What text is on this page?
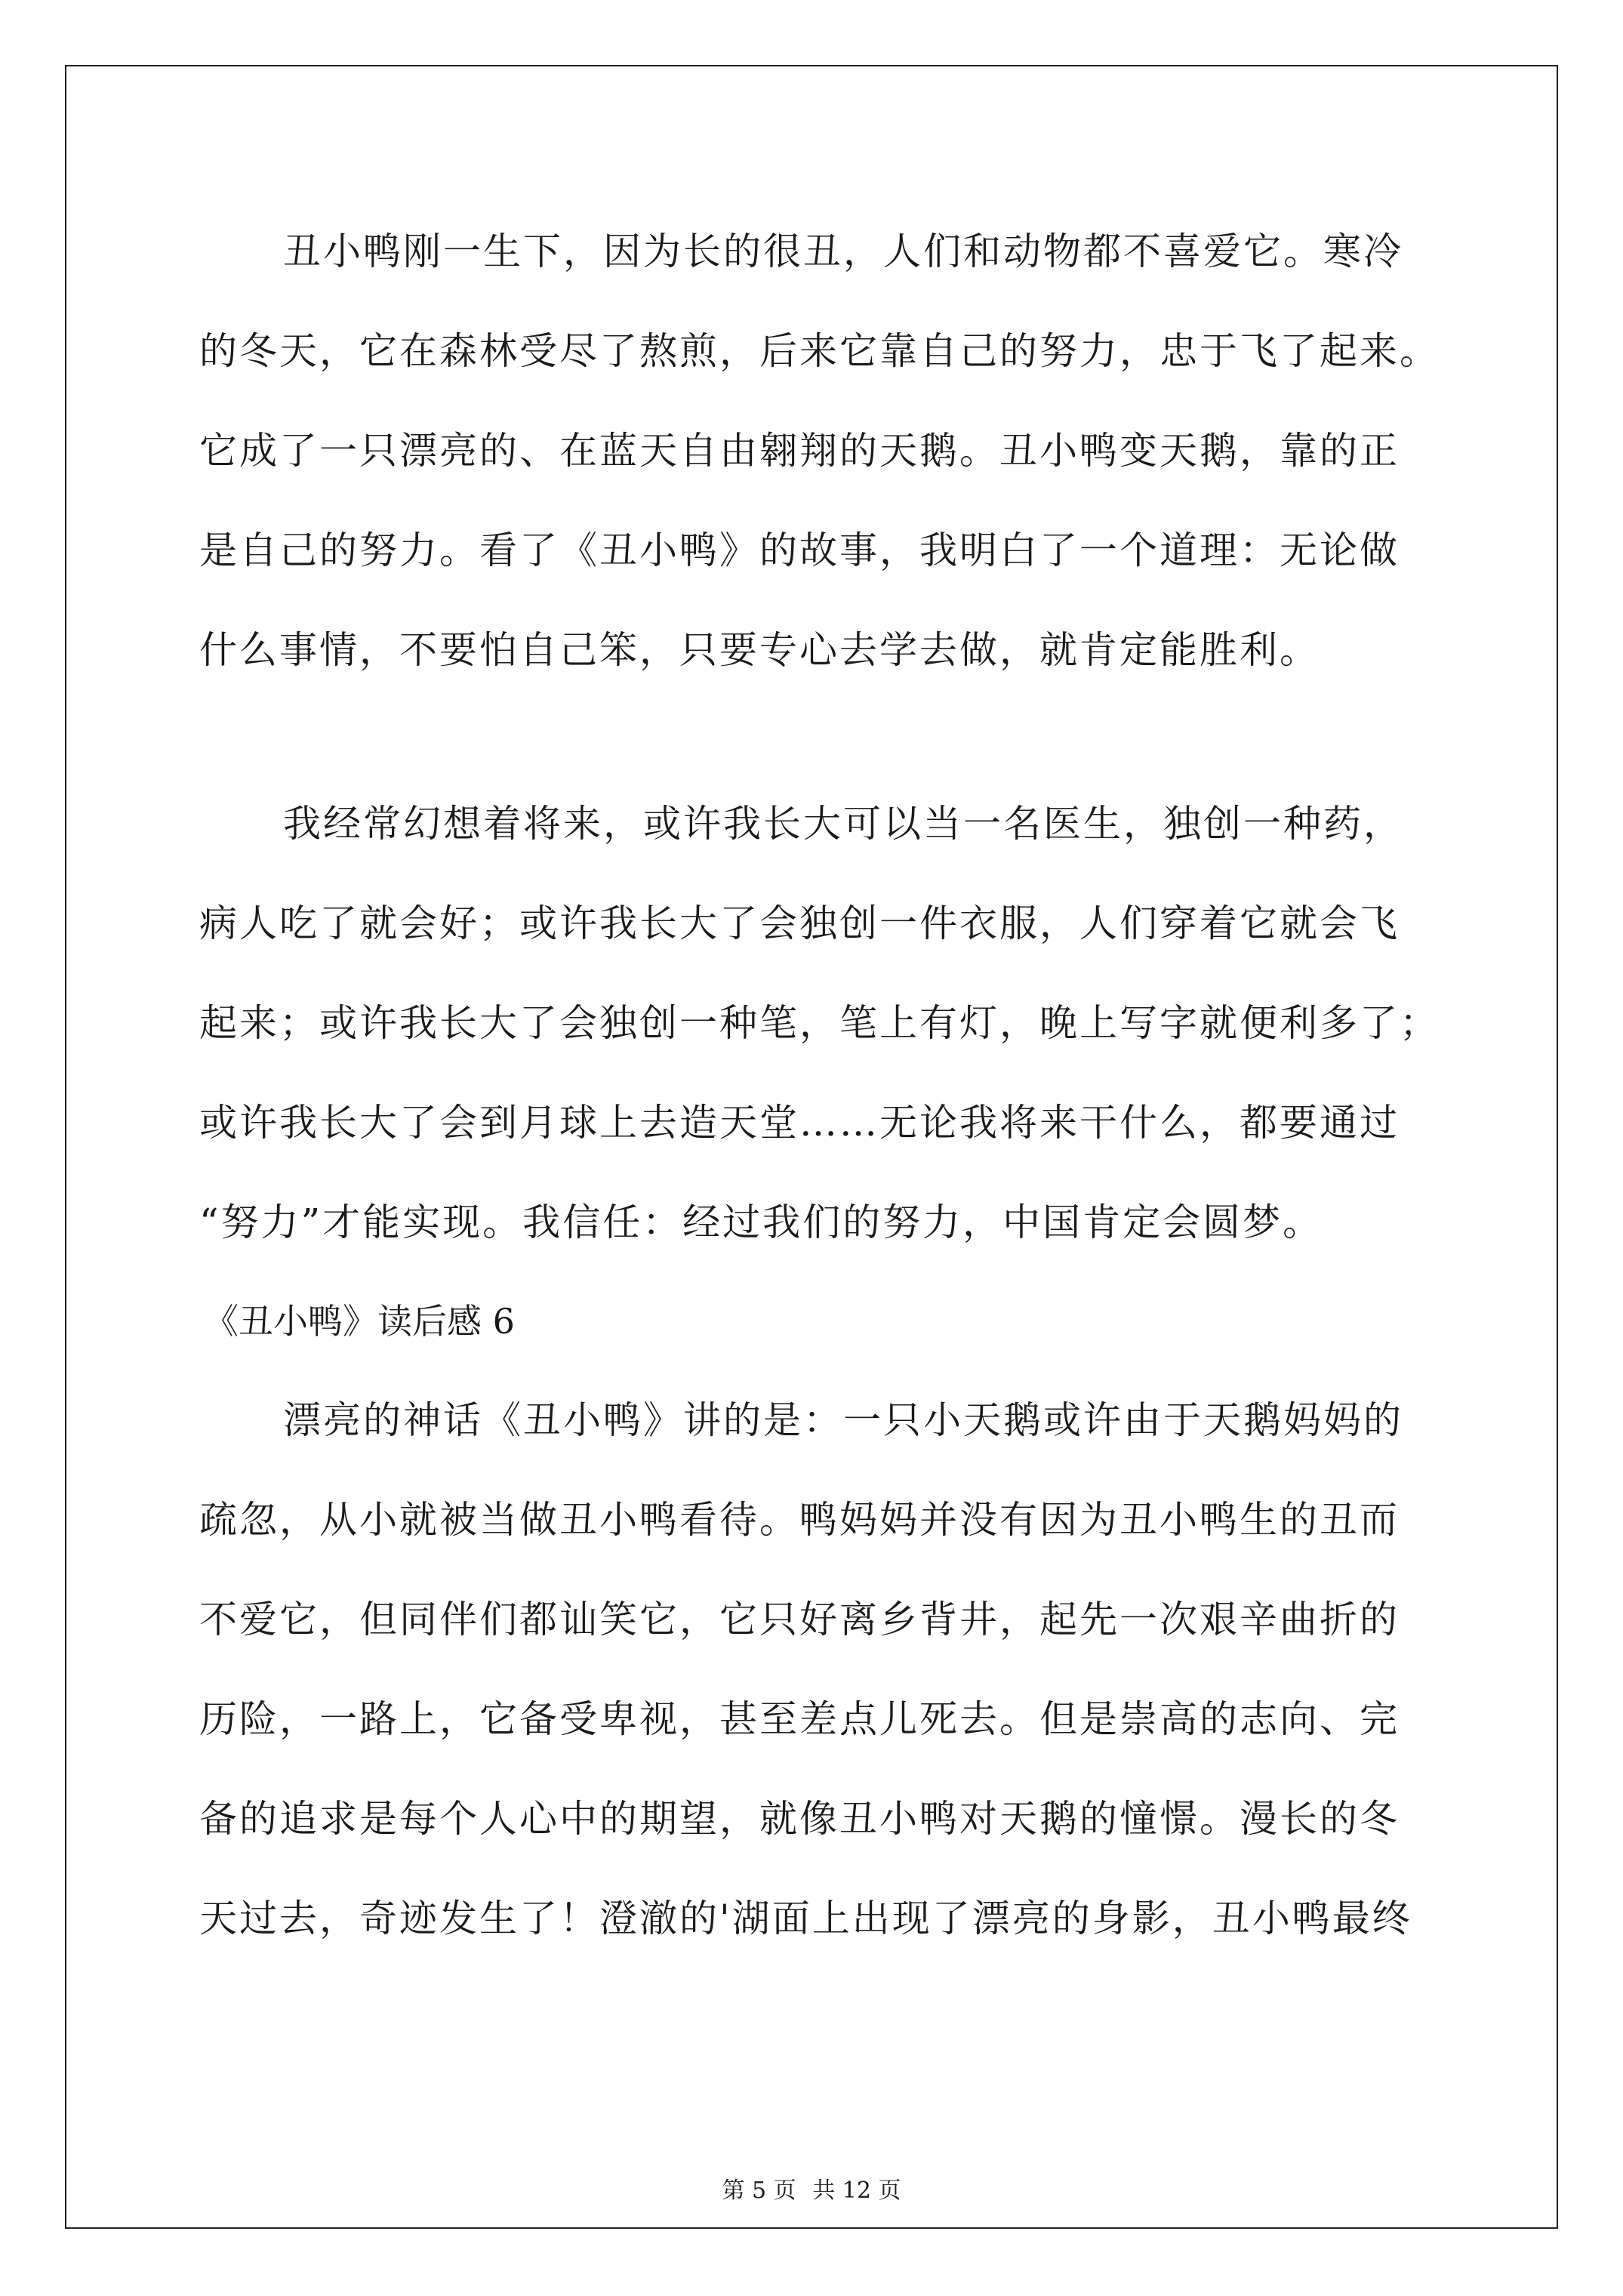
丑小鸭刚一生下，因为长的很丑，人们和动物都不喜爱它。寒冷
的冬天，它在森林受尽了熬煎，后来它靠自己的努力，忠于飞了起来。
它成了一只漂亮的、在蓝天自由翱翔的天鹅。丑小鸭变天鹅，靠的正
是自己的努力。看了《丑小鸭》的故事，我明白了一个道理：无论做
什么事情，不要怕自己笨，只要专心去学去做，就肯定能胜利。
我经常幻想着将来，或许我长大可以当一名医生，独创一种药，
病人吃了就会好；或许我长大了会独创一件衣服，人们穿着它就会飞
起来；或许我长大了会独创一种笔，笔上有灯，晚上写字就便利多了；
或许我长大了会到月球上去造天堂……无论我将来干什么，都要通过
“努力”才能实现。我信任：经过我们的努力，中国肯定会圆梦。
《丑小鸭》读后感 6
漂亮的神话《丑小鸭》讲的是：一只小天鹅或许由于天鹅妈妈的
疏忽，从小就被当做丑小鸭看待。鸭妈妈并没有因为丑小鸭生的丑而
不爱它，但同伴们都讪笑它，它只好离乡背井，起先一次艰辛曲折的
历险，一路上，它备受卑视，甚至差点儿死去。但是崇高的志向、完
备的追求是每个人心中的期望，就像丑小鸭对天鹅的憧憬。漫长的冬
天过去，奇迹发生了！澄澈的'湖面上出现了漂亮的身影，丑小鸭最终
第 5 页 共 12 页
